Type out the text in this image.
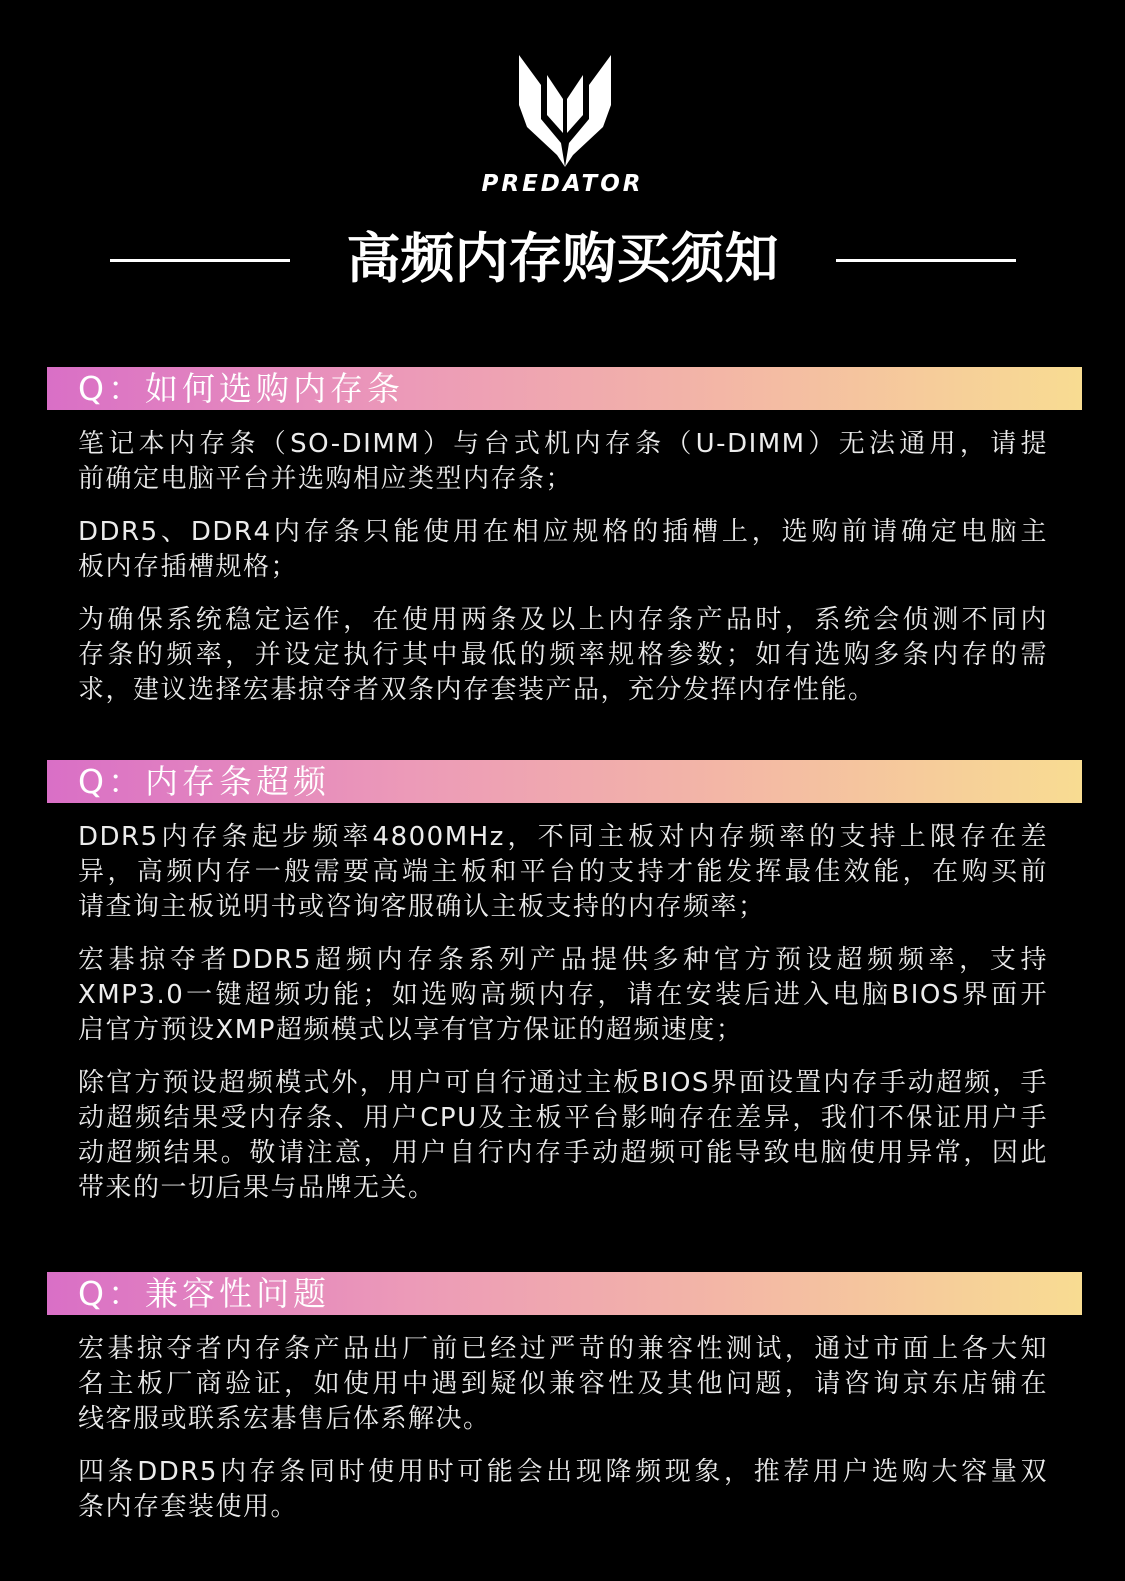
PREDATOR
高频内存购买须知
Q：如何选购内存条
笔记本内存条（SO-DIMM）与台式机内存条（U-DIMM）无法通用，请提
前确定电脑平台并选购相应类型内存条；
DDR5、DDR4内存条只能使用在相应规格的插槽上，选购前请确定电脑主
板内存插槽规格；
为确保系统稳定运作，在使用两条及以上内存条产品时，系统会侦测不同内
存条的频率，并设定执行其中最低的频率规格参数；如有选购多条内存的需
求，建议选择宏碁掠夺者双条内存套装产品，充分发挥内存性能。
Q：内存条超频
DDR5内存条起步频率4800MHz，不同主板对内存频率的支持上限存在差
异，高频内存一般需要高端主板和平台的支持才能发挥最佳效能，在购买前
请查询主板说明书或咨询客服确认主板支持的内存频率；
宏碁掠夺者DDR5超频内存条系列产品提供多种官方预设超频频率，支持
XMP3.0一键超频功能；如选购高频内存，请在安装后进入电脑BIOS界面开
启官方预设XMP超频模式以享有官方保证的超频速度；
除官方预设超频模式外，用户可自行通过主板BIOS界面设置内存手动超频，手
动超频结果受内存条、用户CPU及主板平台影响存在差异，我们不保证用户手
动超频结果。敬请注意，用户自行内存手动超频可能导致电脑使用异常，因此
带来的一切后果与品牌无关。
Q：兼容性问题
宏碁掠夺者内存条产品出厂前已经过严苛的兼容性测试，通过市面上各大知
名主板厂商验证，如使用中遇到疑似兼容性及其他问题，请咨询京东店铺在
线客服或联系宏碁售后体系解决。
四条DDR5内存条同时使用时可能会出现降频现象，推荐用户选购大容量双
条内存套装使用。
